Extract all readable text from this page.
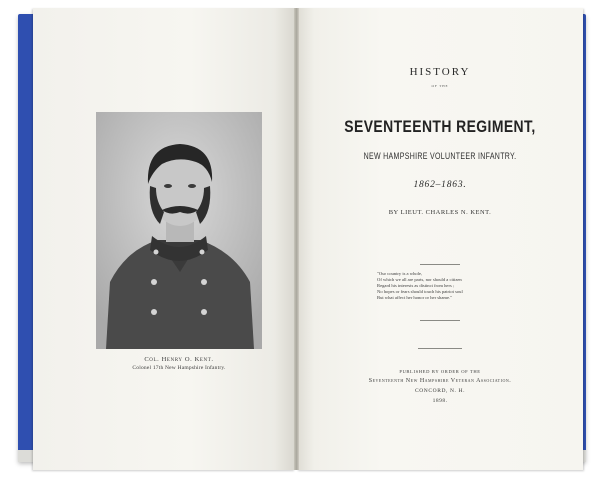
Col. Henry O. Kent.
Colonel 17th New Hampshire Infantry.
HISTORY
OF THE
SEVENTEENTH REGIMENT,
NEW HAMPSHIRE VOLUNTEER INFANTRY.
1862–1863.
BY LIEUT. CHARLES N. KENT.
"Our country is a whole,
Of which we all are parts, nor should a citizen
Regard his interests as distinct from hers ;
No hopes or fears should touch his patriot soul
But what affect her honor or her shame."
PUBLISHED BY ORDER OF THE
Seventeenth New Hampshire Veteran Association.
CONCORD, N. H.
1898.
